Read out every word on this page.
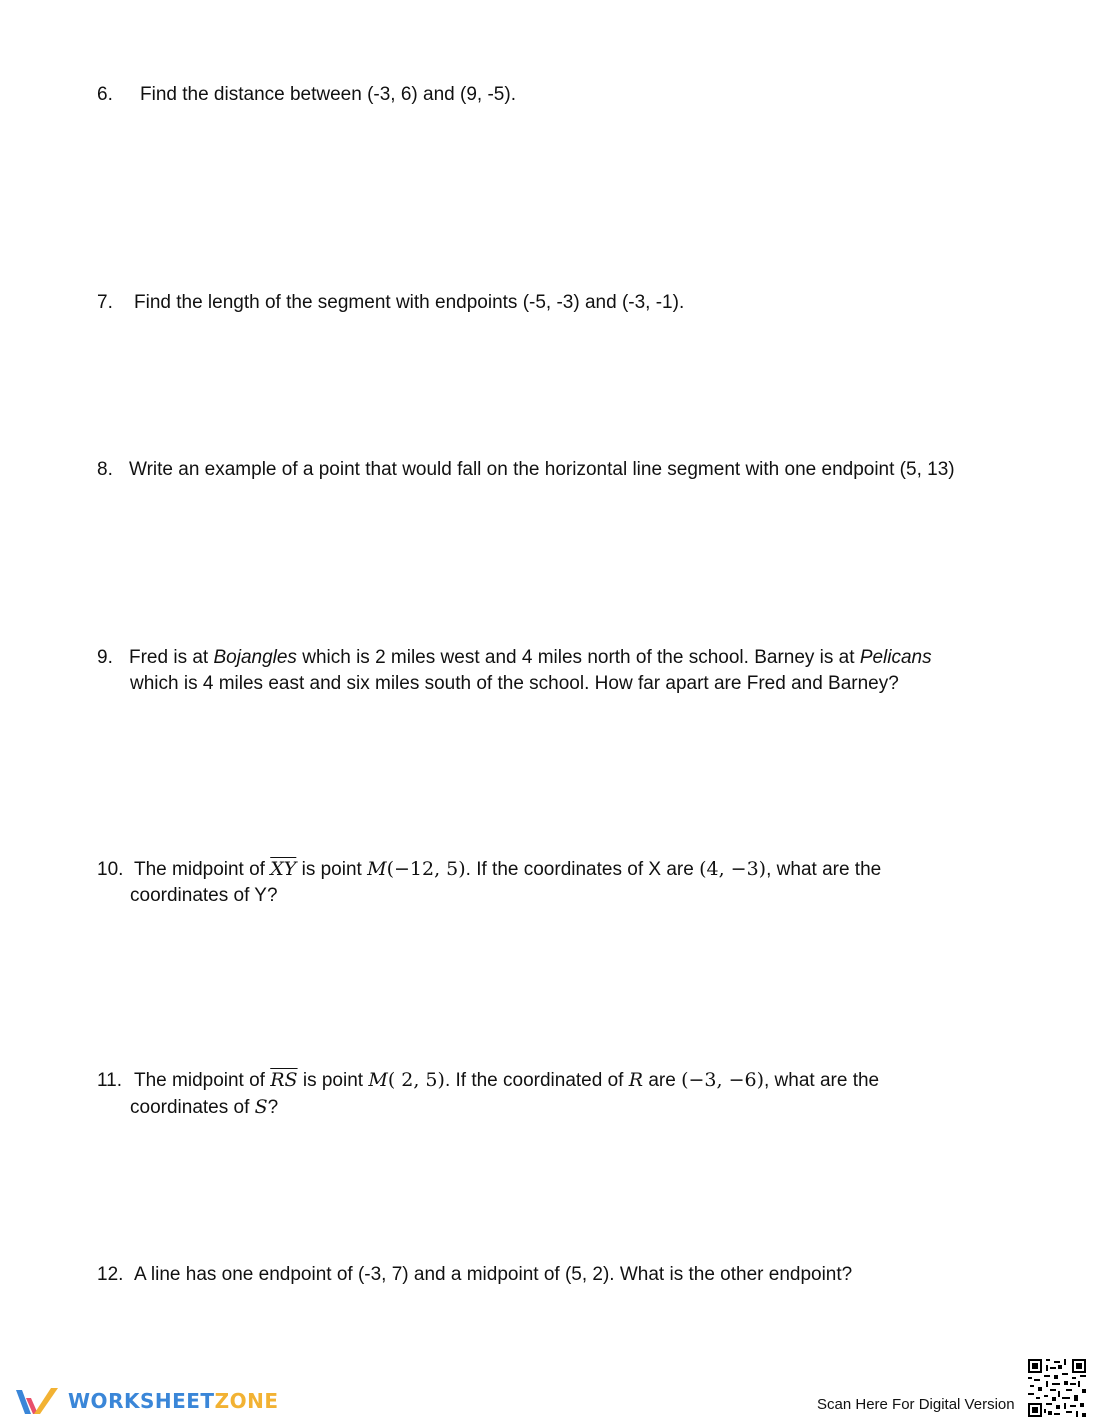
6. Find the distance between (-3, 6) and (9, -5).
7. Find the length of the segment with endpoints (-5, -3) and (-3, -1).
8. Write an example of a point that would fall on the horizontal line segment with one endpoint (5, 13)
9. Fred is at Bojangles which is 2 miles west and 4 miles north of the school. Barney is at Pelicans
which is 4 miles east and six miles south of the school. How far apart are Fred and Barney?
10. The midpoint of $\overline{XY}$ is point M(−12, 5). If the coordinates of X are (4, −3), what are the
coordinates of Y?
11. The midpoint of $\overline{RS}$ is point M( 2, 5). If the coordinated of R are (−3, −6), what are the
coordinates of S?
12. A line has one endpoint of (-3, 7) and a midpoint of (5, 2). What is the other endpoint?
WORKSHEETZONE	Scan Here For Digital Version
